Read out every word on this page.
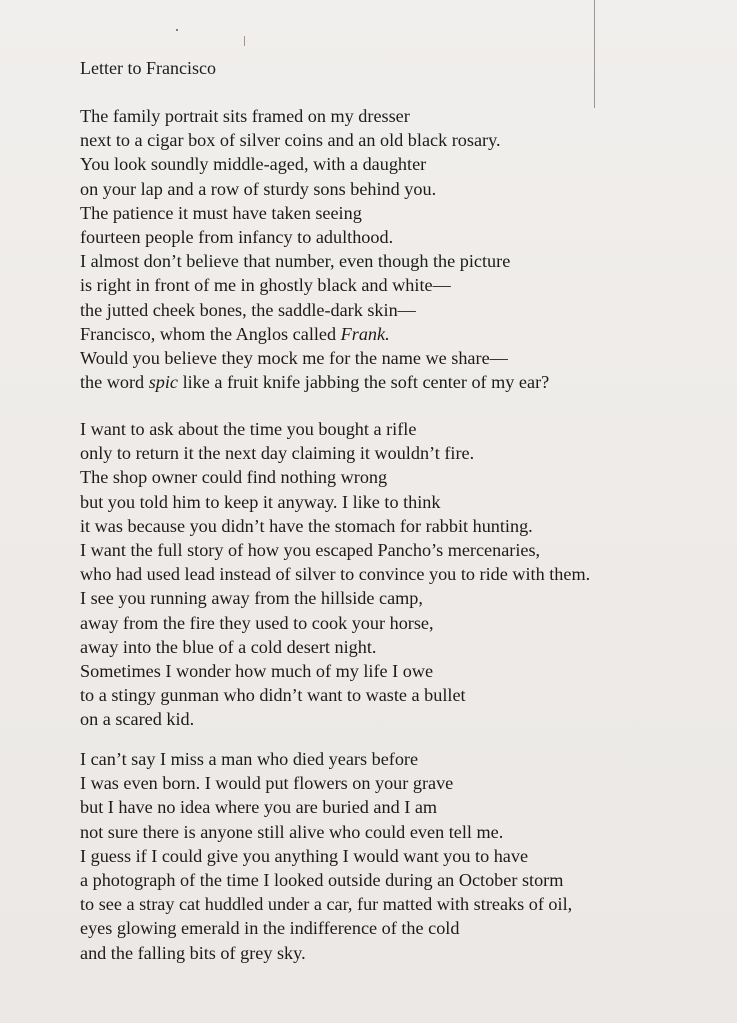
Letter to Francisco
The family portrait sits framed on my dresser
next to a cigar box of silver coins and an old black rosary.
You look soundly middle-aged, with a daughter
on your lap and a row of sturdy sons behind you.
The patience it must have taken seeing
fourteen people from infancy to adulthood.
I almost don’t believe that number, even though the picture
is right in front of me in ghostly black and white—
the jutted cheek bones, the saddle-dark skin—
Francisco, whom the Anglos called Frank.
Would you believe they mock me for the name we share—
the word spic like a fruit knife jabbing the soft center of my ear?
I want to ask about the time you bought a rifle
only to return it the next day claiming it wouldn’t fire.
The shop owner could find nothing wrong
but you told him to keep it anyway. I like to think
it was because you didn’t have the stomach for rabbit hunting.
I want the full story of how you escaped Pancho’s mercenaries,
who had used lead instead of silver to convince you to ride with them.
I see you running away from the hillside camp,
away from the fire they used to cook your horse,
away into the blue of a cold desert night.
Sometimes I wonder how much of my life I owe
to a stingy gunman who didn’t want to waste a bullet
on a scared kid.
I can’t say I miss a man who died years before
I was even born. I would put flowers on your grave
but I have no idea where you are buried and I am
not sure there is anyone still alive who could even tell me.
I guess if I could give you anything I would want you to have
a photograph of the time I looked outside during an October storm
to see a stray cat huddled under a car, fur matted with streaks of oil,
eyes glowing emerald in the indifference of the cold
and the falling bits of grey sky.
